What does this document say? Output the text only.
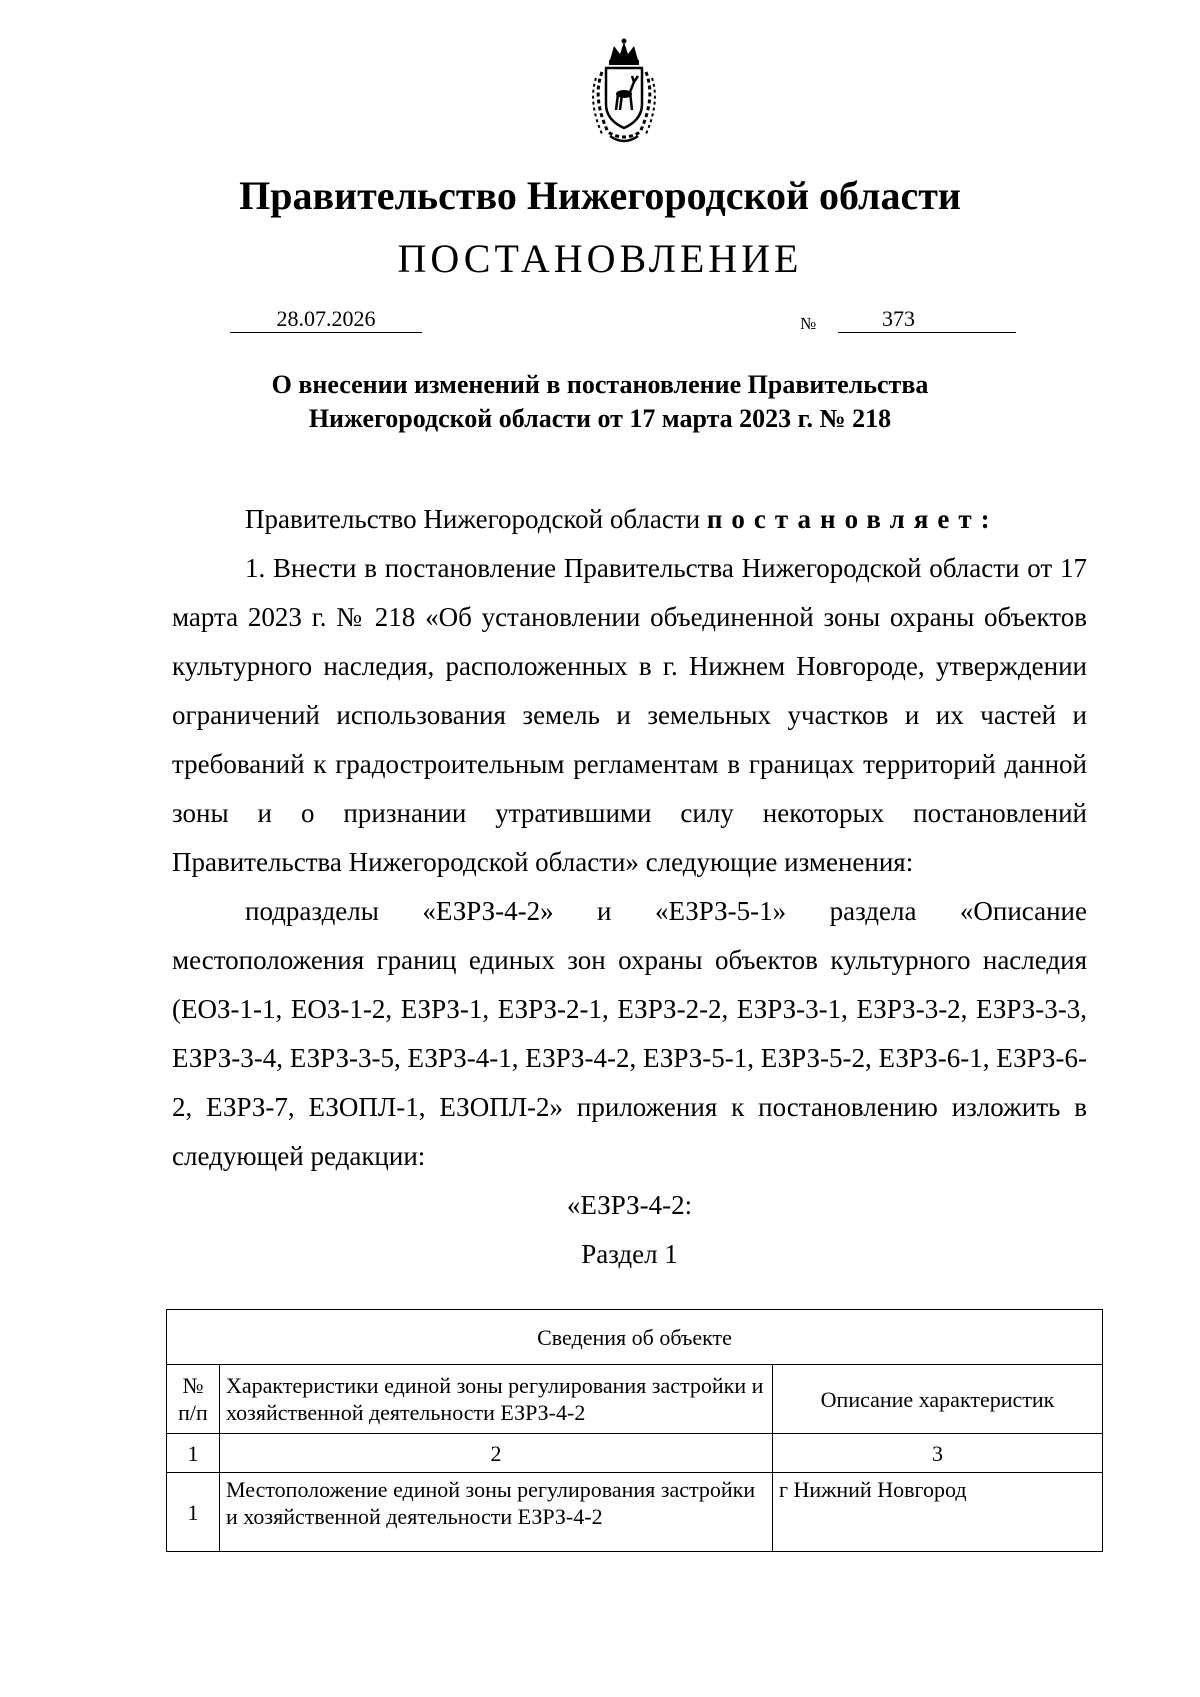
Правительство Нижегородской области
ПОСТАНОВЛЕНИЕ
28.07.2026	№	373
О внесении изменений в постановление Правительства
Нижегородской области от 17 марта 2023 г. № 218

Правительство Нижегородской области постановляет:

1. Внести в постановление Правительства Нижегородской области от 17 марта 2023 г. № 218 «Об установлении объединенной зоны охраны объектов культурного наследия, расположенных в г. Нижнем Новгороде, утверждении ограничений использования земель и земельных участков и их частей и требований к градостроительным регламентам в границах территорий данной зоны и о признании утратившими силу некоторых постановлений Правительства Нижегородской области» следующие изменения:

подразделы «ЕЗРЗ-4-2» и «ЕЗРЗ-5-1» раздела «Описание местоположения границ единых зон охраны объектов культурного наследия (ЕОЗ-1-1, ЕОЗ-1-2, ЕЗРЗ-1, ЕЗРЗ-2-1, ЕЗРЗ-2-2, ЕЗРЗ-3-1, ЕЗРЗ-3-2, ЕЗРЗ-3-3, ЕЗРЗ-3-4, ЕЗРЗ-3-5, ЕЗРЗ-4-1, ЕЗРЗ-4-2, ЕЗРЗ-5-1, ЕЗРЗ-5-2, ЕЗРЗ-6-1, ЕЗРЗ-6-2, ЕЗРЗ-7, ЕЗОПЛ-1, ЕЗОПЛ-2» приложения к постановлению изложить в следующей редакции:

«ЕЗРЗ-4-2:

Раздел 1

Сведения об объекте		
№ п/п	Характеристики единой зоны регулирования застройки и хозяйственной деятельности ЕЗРЗ-4-2	Описание характеристик
1	2	3
1	Местоположение единой зоны регулирования застройки и хозяйственной деятельности ЕЗРЗ-4-2	г Нижний Новгород
